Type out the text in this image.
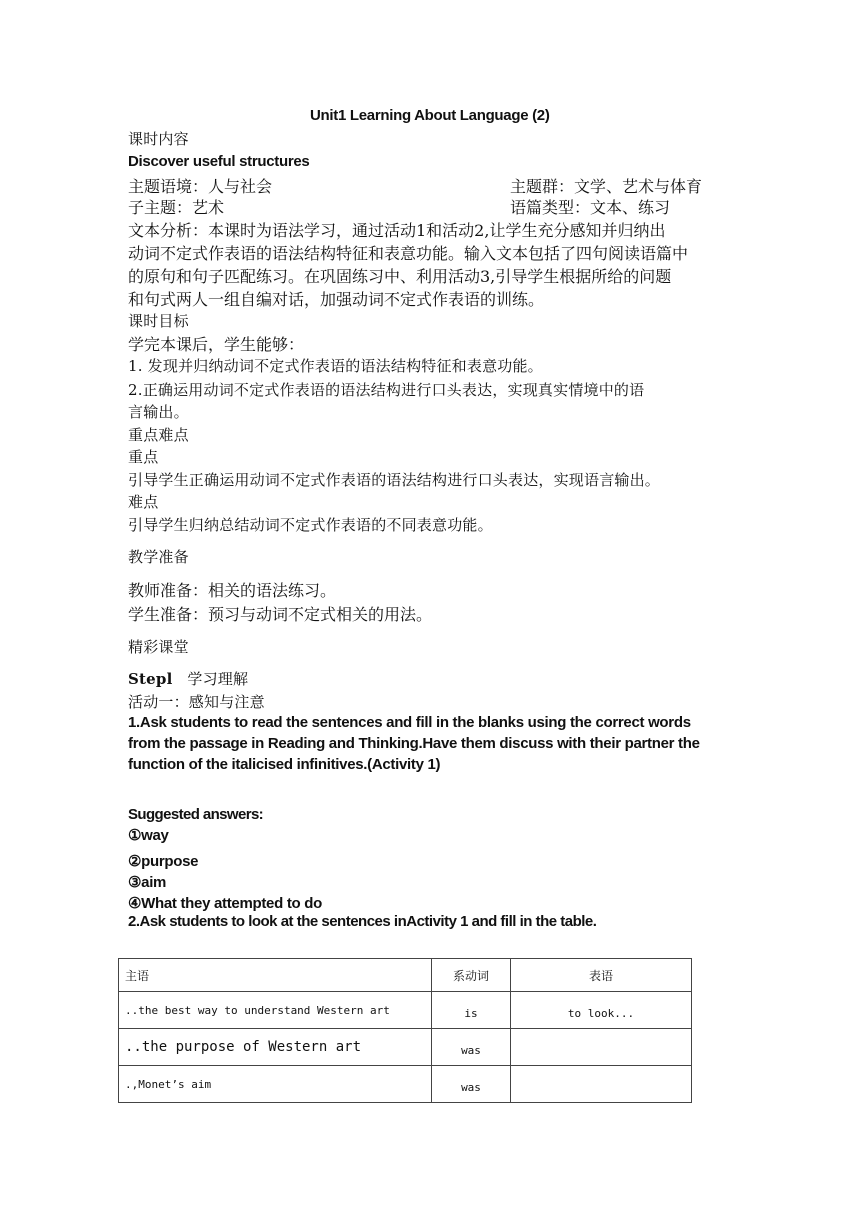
Unit1 Learning About Language (2)
课时内容
Discover useful structures
主题语境：人与社会	主题群：文学、艺术与体育
子主题：艺术	语篇类型：文本、练习
文本分析：本课时为语法学习，通过活动1和活动2,让学生充分感知并归纳出
动词不定式作表语的语法结构特征和表意功能。输入文本包括了四句阅读语篇中
的原句和句子匹配练习。在巩固练习中、利用活动3,引导学生根据所给的问题
和句式两人一组自编对话，加强动词不定式作表语的训练。
课时目标
学完本课后，学生能够：
1. 发现并归纳动词不定式作表语的语法结构特征和表意功能。
2.正确运用动词不定式作表语的语法结构进行口头表达，实现真实情境中的语
言输出。
重点难点
重点
引导学生正确运用动词不定式作表语的语法结构进行口头表达，实现语言输出。
难点
引导学生归纳总结动词不定式作表语的不同表意功能。
教学准备
教师准备：相关的语法练习。
学生准备：预习与动词不定式相关的用法。
精彩课堂
Stepl 学习理解
活动一：感知与注意
1.Ask students to read the sentences and fill in the blanks using the correct words
from the passage in Reading and Thinking.Have them discuss with their partner the
function of the italicised infinitives.(Activity 1)
Suggested answers:
①way
②purpose
③aim
④What they attempted to do
2.Ask students to look at the sentences inActivity 1 and fill in the table.
主语	系动词	表语
..the best way to understand Western art	is	to look...
..the purpose of Western art	was	
.,Monet’s aim	was	
